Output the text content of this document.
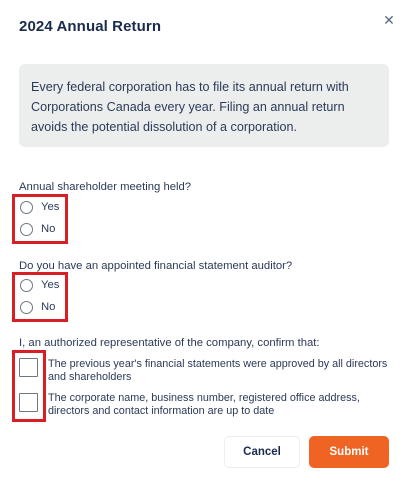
2024 Annual Return	✕
Every federal corporation has to file its annual return with Corporations Canada every year. Filing an annual return avoids the potential dissolution of a corporation.
Annual shareholder meeting held?
Yes
No
Do you have an appointed financial statement auditor?
Yes
No
I, an authorized representative of the company, confirm that:
The previous year's financial statements were approved by all directors and shareholders
The corporate name, business number, registered office address, directors and contact information are up to date
Cancel	Submit
